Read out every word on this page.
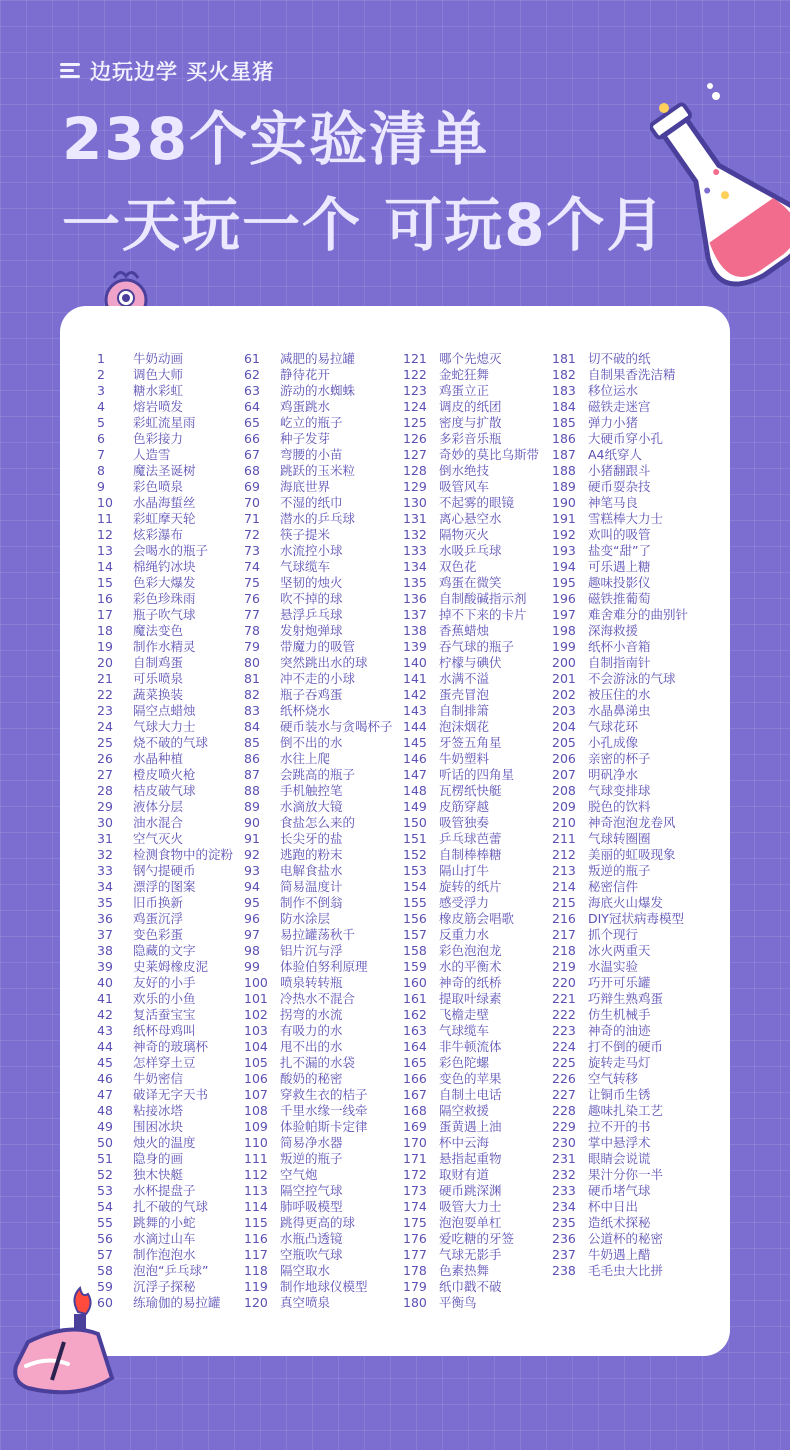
边玩边学 买火星猪
238个实验清单
一天玩一个 可玩8个月
1	牛奶动画
2	调色大师
3	糖水彩虹
4	熔岩喷发
5	彩虹流星雨
6	色彩接力
7	人造雪
8	魔法圣诞树
9	彩色喷泉
10	水晶海蜇丝
11	彩虹摩天轮
12	炫彩瀑布
13	会喝水的瓶子
14	棉绳钓冰块
15	色彩大爆发
16	彩色珍珠雨
17	瓶子吹气球
18	魔法变色
19	制作水精灵
20	自制鸡蛋
21	可乐喷泉
22	蔬菜换装
23	隔空点蜡烛
24	气球大力士
25	烧不破的气球
26	水晶种植
27	橙皮喷火枪
28	桔皮破气球
29	液体分层
30	油水混合
31	空气灭火
32	检测食物中的淀粉
33	钢勺提硬币
34	漂浮的图案
35	旧币换新
36	鸡蛋沉浮
37	变色彩蛋
38	隐藏的文字
39	史莱姆橡皮泥
40	友好的小手
41	欢乐的小鱼
42	复活蚕宝宝
43	纸杯母鸡叫
44	神奇的玻璃杯
45	怎样穿土豆
46	牛奶密信
47	破译无字天书
48	粘接冰塔
49	围困冰块
50	烛火的温度
51	隐身的画
52	独木快艇
53	水杯提盘子
54	扎不破的气球
55	跳舞的小蛇
56	水滴过山车
57	制作泡泡水
58	泡泡“乒乓球”
59	沉浮子探秘
60	练瑜伽的易拉罐
61	减肥的易拉罐
62	静待花开
63	游动的水蜘蛛
64	鸡蛋跳水
65	屹立的瓶子
66	种子发芽
67	弯腰的小苗
68	跳跃的玉米粒
69	海底世界
70	不湿的纸巾
71	潜水的乒乓球
72	筷子提米
73	水流控小球
74	气球缆车
75	坚韧的烛火
76	吹不掉的球
77	悬浮乒乓球
78	发射炮弹球
79	带魔力的吸管
80	突然跳出水的球
81	冲不走的小球
82	瓶子吞鸡蛋
83	纸杯烧水
84	硬币装水与贪喝杯子
85	倒不出的水
86	水往上爬
87	会跳高的瓶子
88	手机触控笔
89	水滴放大镜
90	食盐怎么来的
91	长尖牙的盐
92	逃跑的粉末
93	电解食盐水
94	简易温度计
95	制作不倒翁
96	防水涂层
97	易拉罐荡秋千
98	铝片沉与浮
99	体验伯努利原理
100 喷泉转转瓶
101 冷热水不混合
102 拐弯的水流
103 有吸力的水
104 甩不出的水
105 扎不漏的水袋
106 酸奶的秘密
107 穿救生衣的桔子
108 千里水缘一线牵
109 体验帕斯卡定律
110 简易净水器
111 叛逆的瓶子
112 空气炮
113 隔空控气球
114 肺呼吸模型
115 跳得更高的球
116 水瓶凸透镜
117 空瓶吹气球
118 隔空取水
119 制作地球仪模型
120 真空喷泉
121 哪个先熄灭
122 金蛇狂舞
123 鸡蛋立正
124 调皮的纸团
125 密度与扩散
126 多彩音乐瓶
127 奇妙的莫比乌斯带
128 倒水绝技
129 吸管风车
130 不起雾的眼镜
131 离心悬空水
132 隔物灭火
133 水吸乒乓球
134 双色花
135 鸡蛋在微笑
136 自制酸碱指示剂
137 掉不下来的卡片
138 香蕉蜡烛
139 吞气球的瓶子
140 柠檬与碘伏
141 水满不溢
142 蛋壳冒泡
143 自制排箫
144 泡沫烟花
145 牙签五角星
146 牛奶塑料
147 听话的四角星
148 瓦楞纸快艇
149 皮筋穿越
150 吸管独奏
151 乒乓球芭蕾
152 自制棒棒糖
153 隔山打牛
154 旋转的纸片
155 感受浮力
156 橡皮筋会唱歌
157 反重力水
158 彩色泡泡龙
159 水的平衡术
160 神奇的纸桥
161 提取叶绿素
162 飞檐走壁
163 气球缆车
164 非牛顿流体
165 彩色陀螺
166 变色的苹果
167 自制土电话
168 隔空救援
169 蛋黄遇上油
170 杯中云海
171 悬指起重物
172 取财有道
173 硬币跳深渊
174 吸管大力士
175 泡泡耍单杠
176 爱吃糖的牙签
177 气球无影手
178 色素热舞
179 纸巾戳不破
180 平衡鸟
181 切不破的纸
182 自制果香洗洁精
183 移位运水
184 磁铁走迷宫
185 弹力小猪
186 大硬币穿小孔
187 A4纸穿人
188 小猪翻跟斗
189 硬币耍杂技
190 神笔马良
191 雪糕棒大力士
192 欢叫的吸管
193 盐变“甜”了
194 可乐遇上糖
195 趣味投影仪
196 磁铁推葡萄
197 难舍难分的曲别针
198 深海救援
199 纸杯小音箱
200 自制指南针
201 不会游泳的气球
202 被压住的水
203 水晶鼻涕虫
204 气球花环
205 小孔成像
206 亲密的杯子
207 明矾净水
208 气球变排球
209 脱色的饮料
210 神奇泡泡龙卷风
211 气球转圈圈
212 美丽的虹吸现象
213 叛逆的瓶子
214 秘密信件
215 海底火山爆发
216 DIY冠状病毒模型
217 抓个现行
218 冰火两重天
219 水温实验
220 巧开可乐罐
221 巧辩生熟鸡蛋
222 仿生机械手
223 神奇的油迹
224 打不倒的硬币
225 旋转走马灯
226 空气转移
227 让铜币生锈
228 趣味扎染工艺
229 拉不开的书
230 掌中悬浮术
231 眼睛会说谎
232 果汁分你一半
233 硬币堵气球
234 杯中日出
235 造纸术探秘
236 公道杯的秘密
237 牛奶遇上醋
238 毛毛虫大比拼
